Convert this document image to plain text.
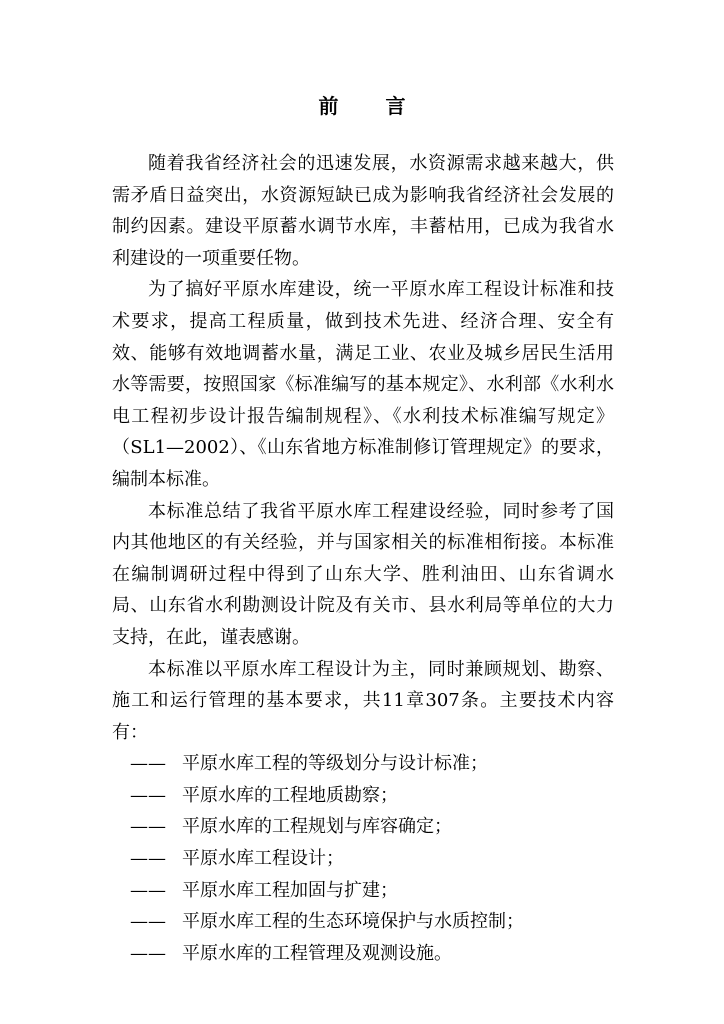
前 言

随着我省经济社会的迅速发展，水资源需求越来越大，供需矛盾日益突出，水资源短缺已成为影响我省经济社会发展的制约因素。建设平原蓄水调节水库，丰蓄枯用，已成为我省水利建设的一项重要任物。

为了搞好平原水库建设，统一平原水库工程设计标准和技术要求，提高工程质量，做到技术先进、经济合理、安全有效、能够有效地调蓄水量，满足工业、农业及城乡居民生活用水等需要，按照国家《标准编写的基本规定》、水利部《水利水电工程初步设计报告编制规程》、《水利技术标准编写规定》（SL1—2002）、《山东省地方标准制修订管理规定》的要求，编制本标准。

本标准总结了我省平原水库工程建设经验，同时参考了国内其他地区的有关经验，并与国家相关的标准相衔接。本标准在编制调研过程中得到了山东大学、胜利油田、山东省调水局、山东省水利勘测设计院及有关市、县水利局等单位的大力支持，在此，谨表感谢。

本标准以平原水库工程设计为主，同时兼顾规划、勘察、施工和运行管理的基本要求，共11章307条。主要技术内容有：

—— 平原水库工程的等级划分与设计标准；
—— 平原水库的工程地质勘察；
—— 平原水库的工程规划与库容确定；
—— 平原水库工程设计；
—— 平原水库工程加固与扩建；
—— 平原水库工程的生态环境保护与水质控制；
—— 平原水库的工程管理及观测设施。
